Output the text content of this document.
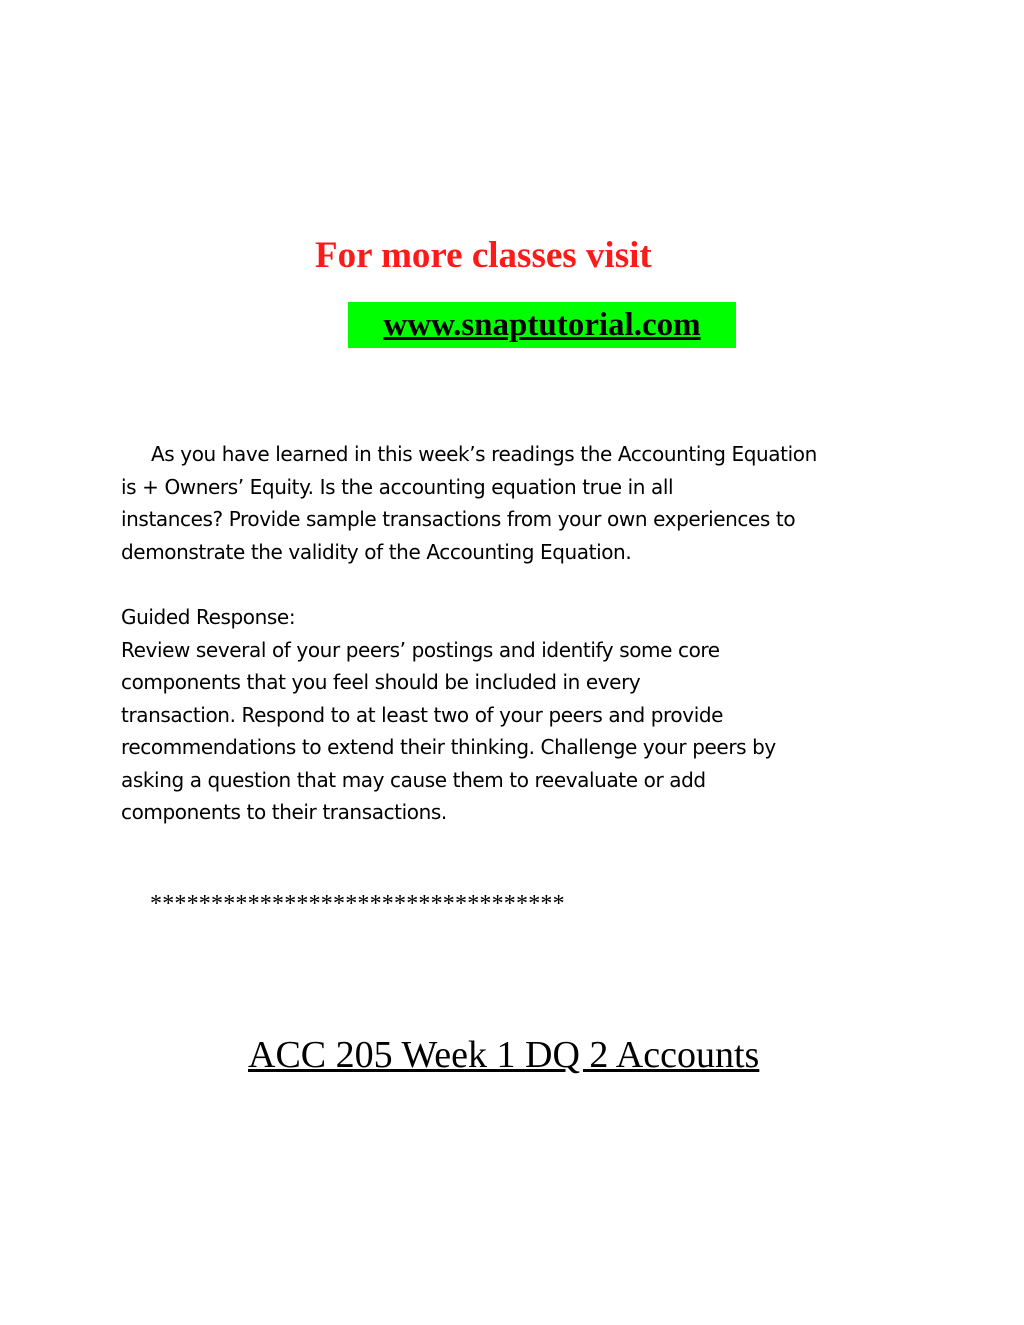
For more classes visit
www.snaptutorial.com
As you have learned in this week’s readings the Accounting Equation
is + Owners’ Equity. Is the accounting equation true in all
instances? Provide sample transactions from your own experiences to
demonstrate the validity of the Accounting Equation.
Guided Response:
Review several of your peers’ postings and identify some core
components that you feel should be included in every
transaction. Respond to at least two of your peers and provide
recommendations to extend their thinking. Challenge your peers by
asking a question that may cause them to reevaluate or add
components to their transactions.
**********************************
ACC 205 Week 1 DQ 2 Accounts
